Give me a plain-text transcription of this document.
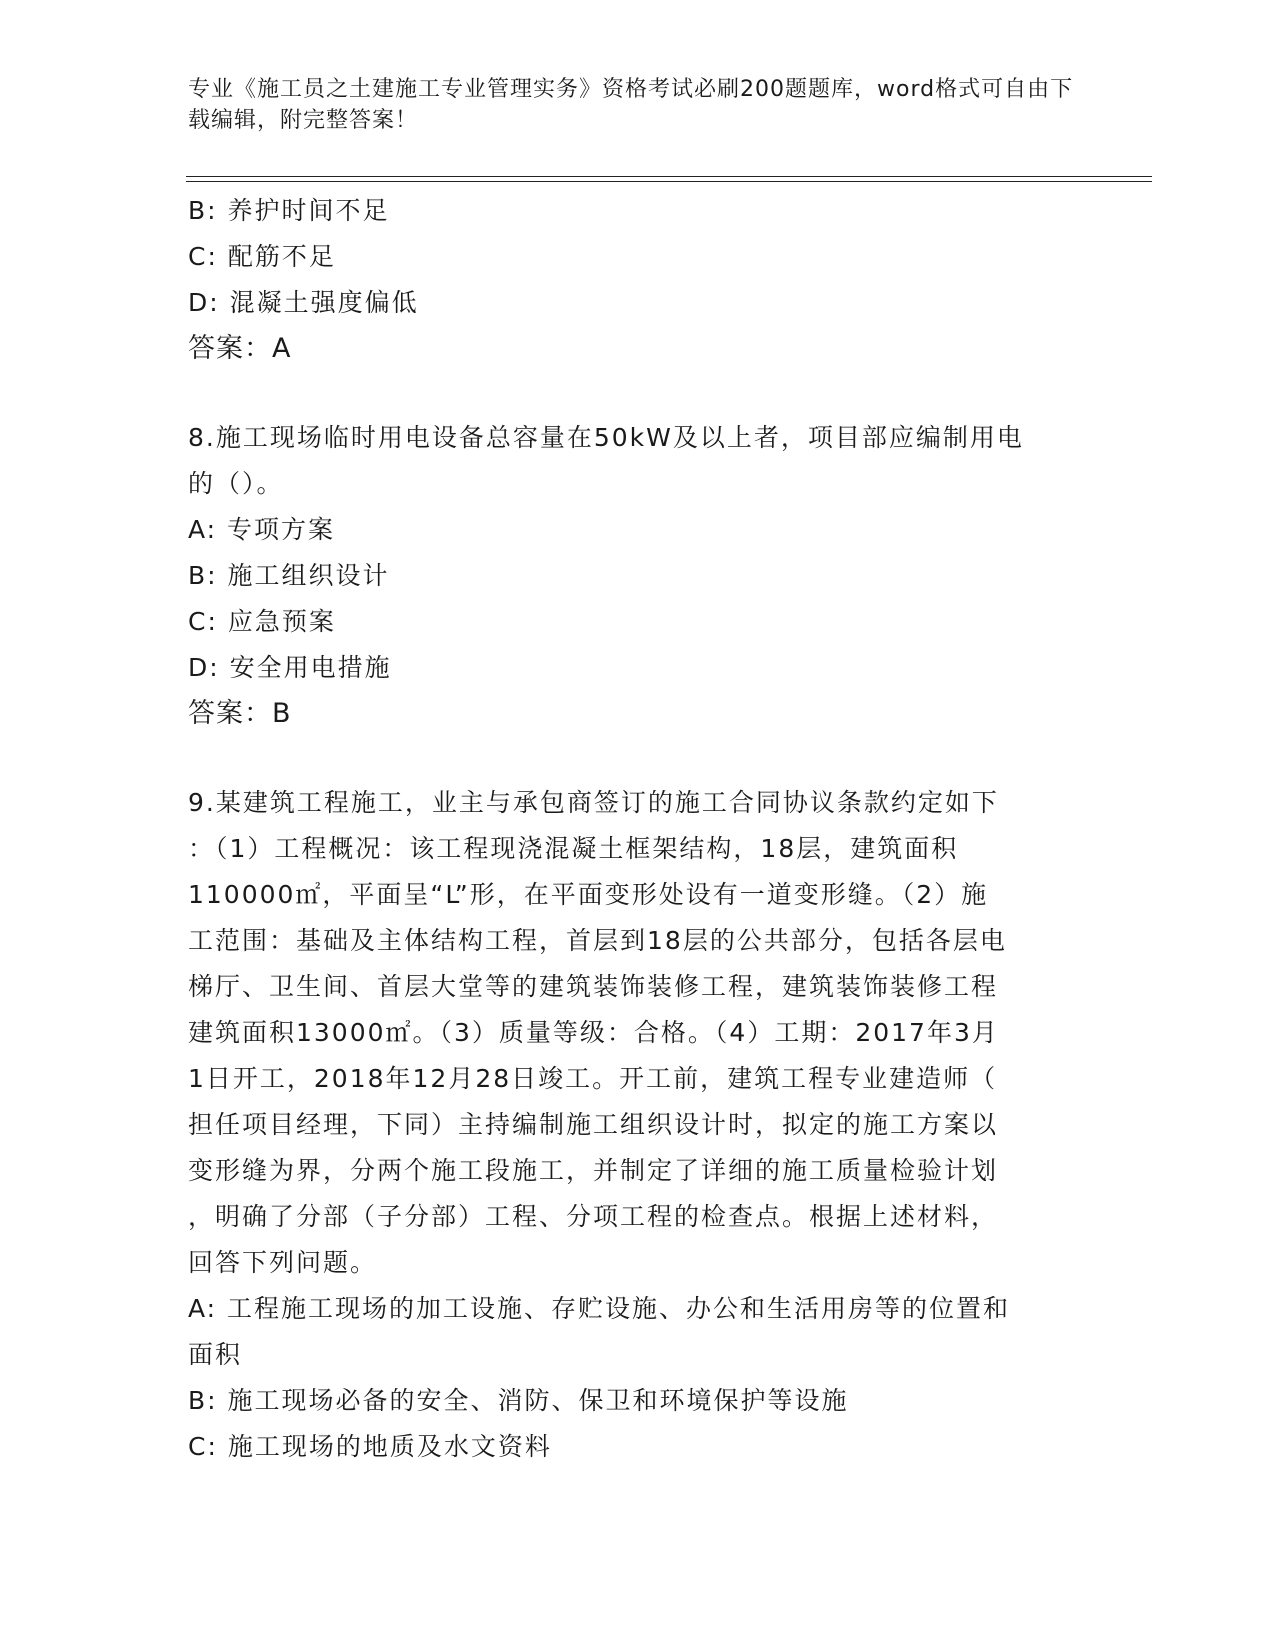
专业《施工员之土建施工专业管理实务》资格考试必刷200题题库，word格式可自由下载编辑，附完整答案！
B: 养护时间不足
C: 配筋不足
D: 混凝土强度偏低
答案：A
8.施工现场临时用电设备总容量在50kW及以上者，项目部应编制用电
的（）。
A: 专项方案
B: 施工组织设计
C: 应急预案
D: 安全用电措施
答案：B
9.某建筑工程施工，业主与承包商签订的施工合同协议条款约定如下
：（1）工程概况：该工程现浇混凝土框架结构，18层，建筑面积
110000㎡，平面呈“L”形，在平面变形处设有一道变形缝。（2）施
工范围：基础及主体结构工程，首层到18层的公共部分，包括各层电
梯厅、卫生间、首层大堂等的建筑装饰装修工程，建筑装饰装修工程
建筑面积13000㎡。（3）质量等级：合格。（4）工期：2017年3月
1日开工，2018年12月28日竣工。开工前，建筑工程专业建造师（
担任项目经理，下同）主持编制施工组织设计时，拟定的施工方案以
变形缝为界，分两个施工段施工，并制定了详细的施工质量检验计划
，明确了分部（子分部）工程、分项工程的检查点。根据上述材料，
回答下列问题。
A: 工程施工现场的加工设施、存贮设施、办公和生活用房等的位置和
面积
B: 施工现场必备的安全、消防、保卫和环境保护等设施
C: 施工现场的地质及水文资料
